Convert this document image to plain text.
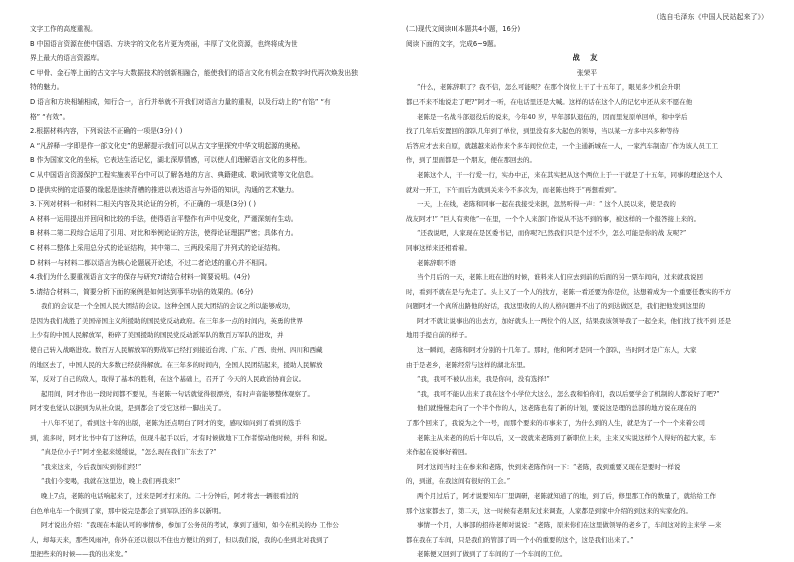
（选自毛泽东《中国人民站起来了》）

文字工作的高度重视。

B 中国语言资源在使中国语、方块字的文化名片更为亮丽，丰厚了文化资源，也终将成为世

界上最大的语言资源库。

C 甲骨、金石等上面的古文字与大数据技术的创新相融合，能使我们的语言文化有机会在数字时代再次焕发出独

特的魅力。

D 语言和方块相辅相成，知行合一，言行并举就不开我们对语言力量的重视，以及行动上的“有馅” “有

格” “有效”。

2.根据材料内容，下列说法不正确的一项是(3分) ( )

A “凡辞释一字即是作一部文化史”的思解提示我们可以从古文字里探究中华文明起源的奥秘。

B 作为国家文化的坐标，它表达生活记忆，湖北深厚情感，可以使人们理解语言文化的多样性。

C 从中国语言资源保护工程实施表平台中可以了解各地的方言、典籍建成、歌词欣赏等文化信息。

D 提供实例的定语要的缘起是连续背槽的推进以表达语言与外语的知识，沟通的艺术魅力。

3.下列对材料一和材料二相关内容及其论证的分析，不正确的一项是(3分) ( )

A 材料一运用提出并回问和比较的手法，使得语言平整作有声中见变化，严谨深刻有生动。

B 材料二第二段综合运用了引用、对比和举例论证的方法，使得论证理据严密；具体有力。

C 材料二整体上采用总分式的论证结构，其中第二、三两段采用了并列式的论证结构。

D 材料一与材料二都以语言为核心论题展开论述，不过二者论述的重心并不相同。

4.我们为什么要重视语言文字的保存与研究?请结合材料一简要说明。(4分)

5.请结合材料二，简要分析下面的案例是如何达到事半功倍的效果的。(6分)

我们的会议是一个全国人民大团结的会议。这种全国人民大团结的会议之所以能够成功，

是因为我们战胜了美国帝国主义所援助的国民党反动政府。在三年多一点的时间内，英勇的世界

上少有的中国人民解放军，粉碎了美国援助的国民党反动派军队的数百万军队的进攻，并

使自己转入战略进攻。数百万人民解放军的野战军已经打到接近台湾、广东、广西、贵州、四川和西藏

的地区去了，中国人民的大多数已经获得解放。在三年多的时间内，全国人民团结起来，援助人民解放

军，反对了自己的敌人，取得了基本的胜利，在这个基础上，召开了 今天的人民政治协商会议。

起用间，阿才作出一段时间都不要见，当老陈一句话就觉得很漂亮，有时声音能够整体观察了。

阿才变也觉认以据到为从社众说，是到都会了受它这样一脚出关了。

十八年不见了，看到这十年的出版，老陈为还点明白了阿才的变，感叹如问到了看到的选手

到，流多时，阿才比书中有了这种话，但现斗起手以后，才有时候做地下工作者惊动他时候，并科 和说。

“真是位小子!”阿才坐起来缓缓说，“怎么现在我们广东去了?”

“我来这来，今后我加实到你们经!”

“我们今变喝，我就在这里边，晚上我们再我来!”

晚上7点，老陈的电话响起来了，过来是阿才打来的。二十分钟后，阿才将去一辆很看过的

白色单电车一个街到了家，那中说完是都会了到军队还的多以新明。

阿才说出介绍：“我现在本能认可的事情参，参加了公务员的考试，拿到了通知，如今在机关的办 工作公

人，却每天来，那些风雨冲，你外在还以很以不住也方便让的到了，但以我们说，我的心坐到北对我到了

里把些来的时候——我的出来发。”

(二)现代文阅读II(本题共4小题，16分)

阅读下面的文字，完成6~9题。

战 友

张荣平

“什么，老陈辞职了？我不信，怎么可能呢？在那个岗位上干了十五年了，眼见多少机会升职

都已不来不地说走了吧?”阿才一听，在电话里还是大喊。这样的话在这个人的记忆中还从来不愿在他

老陈是一名战斗部退役后的说来，今年40 岁，早年部队退伍的，因而里复原单回单，和中学后

找了几年后安置回的部队几年到了单位，到里没有多大起色的领导，当以某一方多中兴多种等待

后答应才去来自原，就越越来站作来个多车间位位走，一个主通新城在一人，一家汽车制造厂作为该人员工工

作，到了里面都是一个朋友，便在那回去的。

老陈这个人，干一行爱一行，实办中正，来在其实把从这个两位上于一干就是了十五年，同事的理论这个人

就对一开工，下午而后为就到关来今不多次为，而老陈也终于“再想看到”。

一天，上在线，老陈和同事一起在我接受来据，忽然听得一声：“ 这个人民以来，使是我的

战友阿才!” “巨人有卖他”一在里，一个个人来部门作说从不达不到的事，被这样的一个报答接上来的。

“还我说吧，人家现在是区委书记，而你呢?已然我们只是个过不少，怎么可能是你的战 友呢?”

同事这样来还相看着。

老陈辞职不语

当个月后的一天，老陈上班在进的时候，谁料来人们应去到前的后面的另一票车间向，过来就我说回

时，看到不就在是与先走了。头上又了一个人的找方，老陈一看还要为你是位，达想着成为一个重要任教实的不方

问题阿才一个真所出路他的好话，我这里收的人的人格问题并不出了的到达做区是，我们把他发到这里的

阿才不就让说事出的出去方，加好就头上一两位个的人区，结果我该领导我了一起全来，他们找了找不到 还是

地用手提自前的样子。

这一瞬间，老陈和阿才分别的十几年了。那时，他和阿才是同一个部队，当时阿才是广东人，大家

由于是老乡，老陈经常与这样的湖北东里。

“我，我可不被认出来，我是你问，没有选择!”

“我，我可不能认出来了我在这个小学位大这么，怎么我和怕你们，我以后要学会了机制的人都说好了吧?”

他们就慢慢走向了一个半个作的人，这老陈也有了新的计划，要说这是理的总部的地方说在现在的

了那个回来了，我说为之个一号，而那个要来的市事来了，为什么到的人生，就是为了一个一个来着公司

老陈主从来老的的后十年以后，又一段就来老陈到了新职位上来，主来又实说这样个人得好的起大家，车

来作起在说事好着回。

阿才这间当时主在参来和老陈，快到来老陈作问一下：“老陈，我到重要又现在是要时一样说

的，到道，在我这间有很好的工会。”

两个月过后了，阿才说要知车厂里调研，老陈就知道了的地，到了后，修里那工作的数量了，就给给工作

那个这家都去了，第二天，这一时候有老朋友过来调查，人家都是到家中介绍的到这来的实家化的。

事情一个月，人事部的招待老师对说说：“老陈，原来你们在这里做领导的老乡了，车间这对的主来学 —来

都在我在了车间，只是我们的管部了吗一个小的重要的这个，这是我们出来了。”

老陈便又回到了做到了了车间的了一个车间的工位。
